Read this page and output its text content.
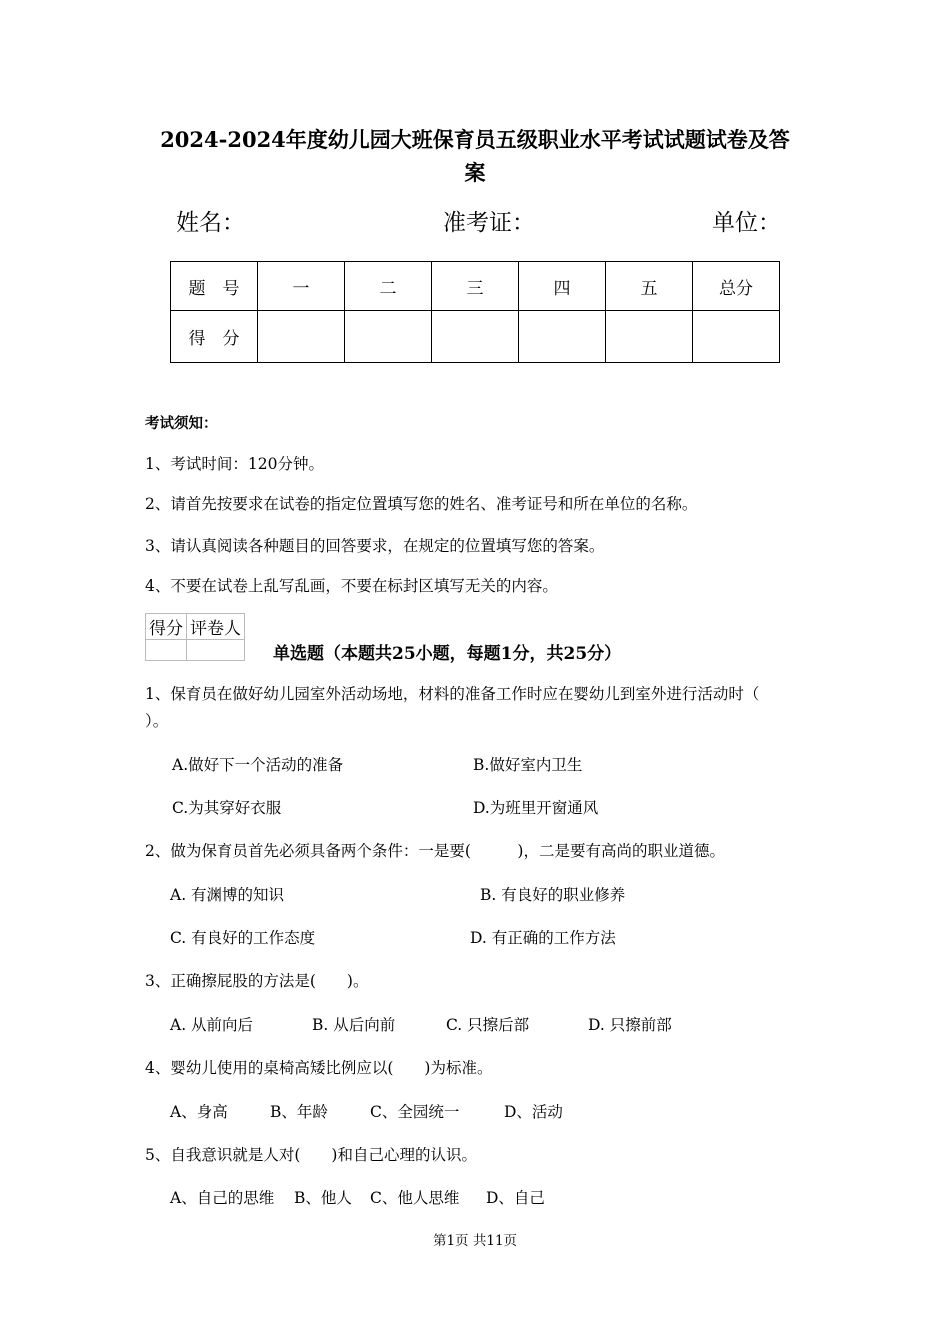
2024-2024年度幼儿园大班保育员五级职业水平考试试题试卷及答
案
姓名：	准考证：	单位：
题　号	一	二	三	四	五	总分
得　分						
考试须知：
1、考试时间：120分钟。
2、请首先按要求在试卷的指定位置填写您的姓名、准考证号和所在单位的名称。
3、请认真阅读各种题目的回答要求，在规定的位置填写您的答案。
4、不要在试卷上乱写乱画，不要在标封区填写无关的内容。
得分	评卷人

单选题（本题共25小题，每题1分，共25分）
1、保育员在做好幼儿园室外活动场地，材料的准备工作时应在婴幼儿到室外进行活动时（
）。
A.做好下一个活动的准备	B.做好室内卫生
C.为其穿好衣服	D.为班里开窗通风
2、做为保育员首先必须具备两个条件：一是要(　　　)，二是要有高尚的职业道德。
A. 有渊博的知识	B. 有良好的职业修养
C. 有良好的工作态度	D. 有正确的工作方法
3、正确擦屁股的方法是(　　)。
A. 从前向后	B. 从后向前	C. 只擦后部	D. 只擦前部
4、婴幼儿使用的桌椅高矮比例应以(　　)为标准。
A、身高	B、年龄	C、全园统一	D、活动
5、自我意识就是人对(　　)和自己心理的认识。
A、自己的思维 B、他人 C、他人思维 D、自己
第1页 共11页
